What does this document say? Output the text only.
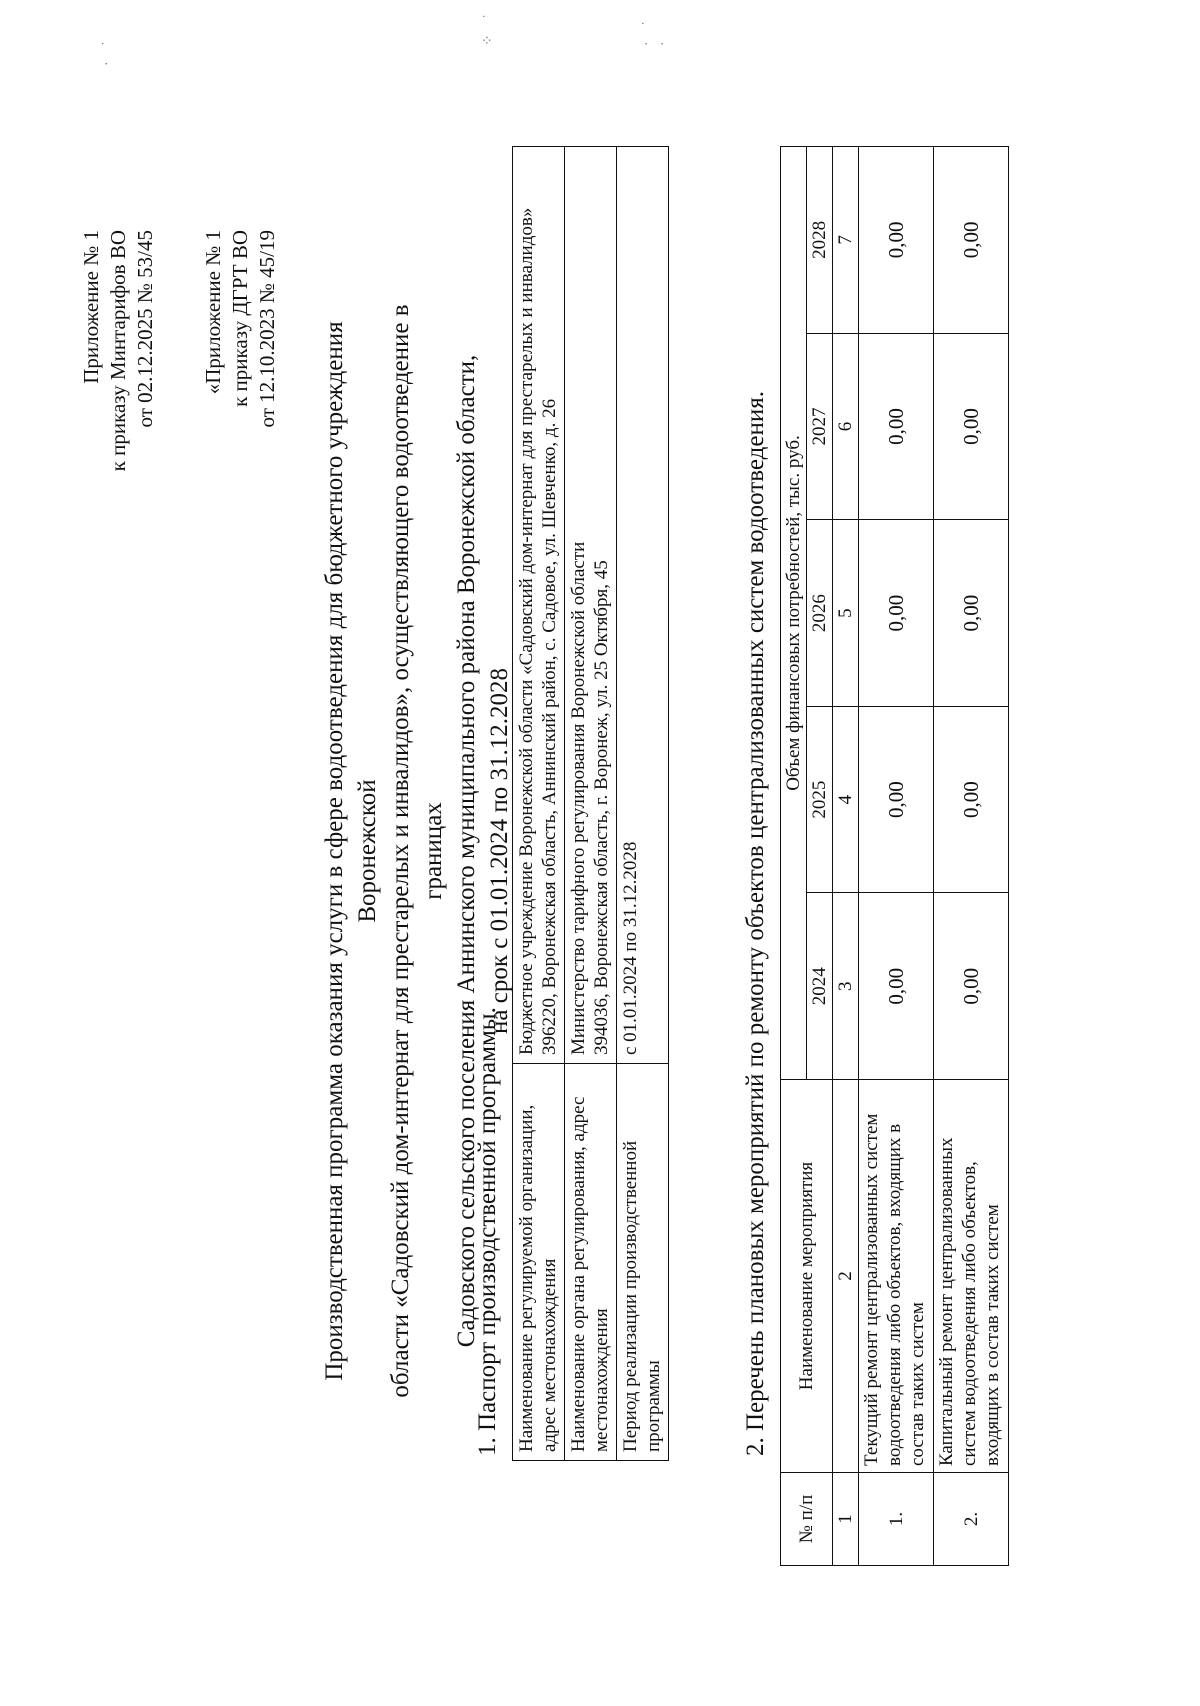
· ˙
⁘ ˙	· ˙ ·
Приложение № 1 к приказу Минтарифов ВО от 02.12.2025 № 53/45 «Приложение № 1 к приказу ДГРТ ВО от 12.10.2023 № 45/19 Производственная программа оказания услуги в сфере водоотведения для бюджетного учреждения Воронежской области «Садовский дом-интернат для престарелых и инвалидов», осуществляющего водоотведение в границах Садовского сельского поселения Аннинского муниципального района Воронежской области, на срок с 01.01.2024 по 31.12.2028
1. Паспорт производственной программы. Наименование регулируемой организации, адрес местонахождения	Бюджетное учреждение Воронежской области «Садовский дом-интернат для престарелых и инвалидов» 396220, Воронежская область, Аннинский район, с. Садовое, ул. Шевченко, д. 26

Наименование органа регулирования, адрес местонахождения	Министерство тарифного регулирования Воронежской области 394036, Воронежская область, г. Воронеж, ул. 25 Октября, 45

Период реализации производственной программы	с 01.01.2024 по 31.12.2028	2. Перечень плановых мероприятий по ремонту объектов централизованных систем водоотведения.
№ п/п	Наименование мероприятия	Объем финансовых потребностей, тыс. руб.				
		2024	2025	2026	2027	2028
1	2	3	4	5	6	7
1.	Текущий ремонт централизованных систем водоотведения либо объектов, входящих в состав таких систем	0,00	0,00	0,00	0,00	0,00
2.	Капитальный ремонт централизованных систем водоотведения либо объектов, входящих в состав таких систем	0,00	0,00	0,00	0,00	0,00
